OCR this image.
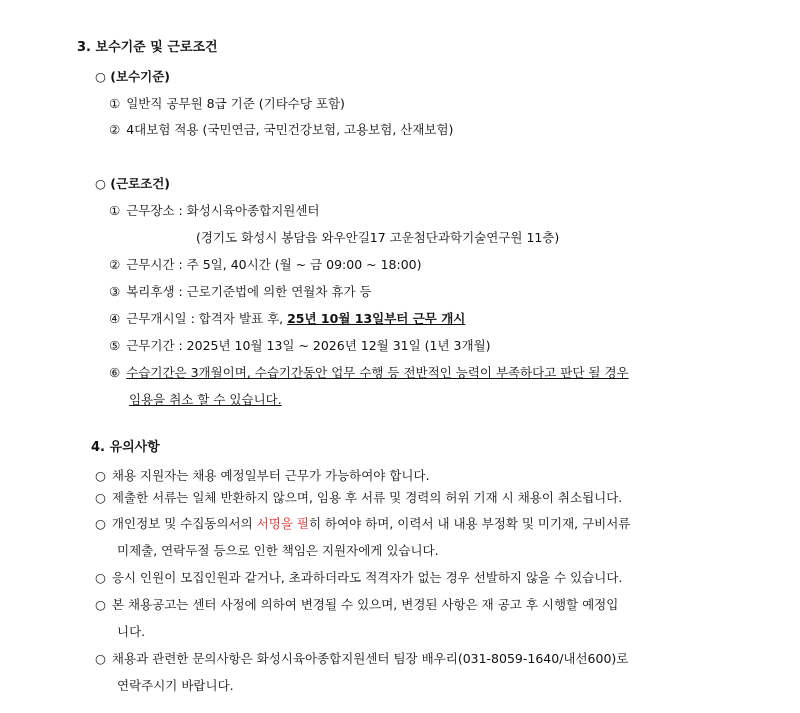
3. 보수기준 및 근로조건
○ (보수기준)
① 일반직 공무원 8급 기준 (기타수당 포함)
② 4대보험 적용 (국민연금, 국민건강보험, 고용보험, 산재보험)
○ (근로조건)
① 근무장소 : 화성시육아종합지원센터
(경기도 화성시 봉담읍 와우안길17 고운첨단과학기술연구원 11층)
② 근무시간 : 주 5일, 40시간 (월 ~ 금 09:00 ~ 18:00)
③ 복리후생 : 근로기준법에 의한 연월차 휴가 등
④ 근무개시일 : 합격자 발표 후, 25년 10월 13일부터 근무 개시
⑤ 근무기간 : 2025년 10월 13일 ~ 2026년 12월 31일 (1년 3개월)
⑥ 수습기간은 3개월이며, 수습기간동안 업무 수행 등 전반적인 능력이 부족하다고 판단 될 경우
임용을 취소 할 수 있습니다.
4. 유의사항
○ 채용 지원자는 채용 예정일부터 근무가 가능하여야 합니다.
○ 제출한 서류는 일체 반환하지 않으며, 임용 후 서류 및 경력의 허위 기재 시 채용이 취소됩니다.
○ 개인정보 및 수집동의서의 서명을 필히 하여야 하며, 이력서 내 내용 부정확 및 미기재, 구비서류
미제출, 연락두절 등으로 인한 책임은 지원자에게 있습니다.
○ 응시 인원이 모집인원과 같거나, 초과하더라도 적격자가 없는 경우 선발하지 않을 수 있습니다.
○ 본 채용공고는 센터 사정에 의하여 변경될 수 있으며, 변경된 사항은 재 공고 후 시행할 예정입
니다.
○ 채용과 관련한 문의사항은 화성시육아종합지원센터 팀장 배우리(031-8059-1640/내선600)로
연락주시기 바랍니다.
